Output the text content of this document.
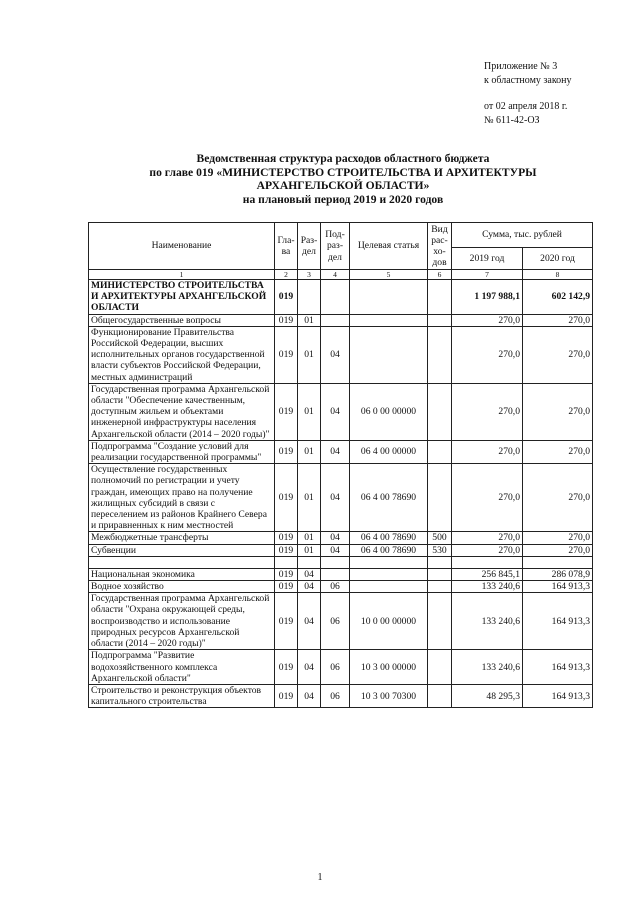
Приложение № 3
к областному закону
от 02 апреля 2018 г.
№ 611-42-ОЗ
Ведомственная структура расходов областного бюджета
по главе 019 «МИНИСТЕРСТВО СТРОИТЕЛЬСТВА И АРХИТЕКТУРЫ
АРХАНГЕЛЬСКОЙ ОБЛАСТИ»
на плановый период 2019 и 2020 годов
Наименование	Гла-ва	Раз-дел	Под-раз-дел	Целевая статья	Вид рас-хо-дов	Сумма, тыс. рублей	
						2019 год	2020 год
1	2	3	4	5	6	7	8
МИНИСТЕРСТВО СТРОИТЕЛЬСТВА И АРХИТЕКТУРЫ АРХАНГЕЛЬСКОЙ ОБЛАСТИ	019					1 197 988,1	602 142,9
Общегосударственные вопросы	019	01				270,0	270,0
Функционирование Правительства Российской Федерации, высших исполнительных органов государственной власти субъектов Российской Федерации, местных администраций	019	01	04			270,0	270,0
Государственная программа Архангельской области "Обеспечение качественным, доступным жильем и объектами инженерной инфраструктуры населения Архангельской области (2014 – 2020 годы)"	019	01	04	06 0 00 00000		270,0	270,0
Подпрограмма "Создание условий для реализации государственной программы"	019	01	04	06 4 00 00000		270,0	270,0
Осуществление государственных полномочий по регистрации и учету граждан, имеющих право на получение жилищных субсидий в связи с переселением из районов Крайнего Севера и приравненных к ним местностей	019	01	04	06 4 00 78690		270,0	270,0
Межбюджетные трансферты	019	01	04	06 4 00 78690	500	270,0	270,0
Субвенции	019	01	04	06 4 00 78690	530	270,0	270,0

Национальная экономика	019	04				256 845,1	286 078,9
Водное хозяйство	019	04	06			133 240,6	164 913,3
Государственная программа Архангельской области "Охрана окружающей среды, воспроизводство и использование природных ресурсов Архангельской области (2014 – 2020 годы)"	019	04	06	10 0 00 00000		133 240,6	164 913,3
Подпрограмма "Развитие водохозяйственного комплекса Архангельской области"	019	04	06	10 3 00 00000		133 240,6	164 913,3
Строительство и реконструкция объектов капитального строительства	019	04	06	10 3 00 70300		48 295,3	164 913,3
1
